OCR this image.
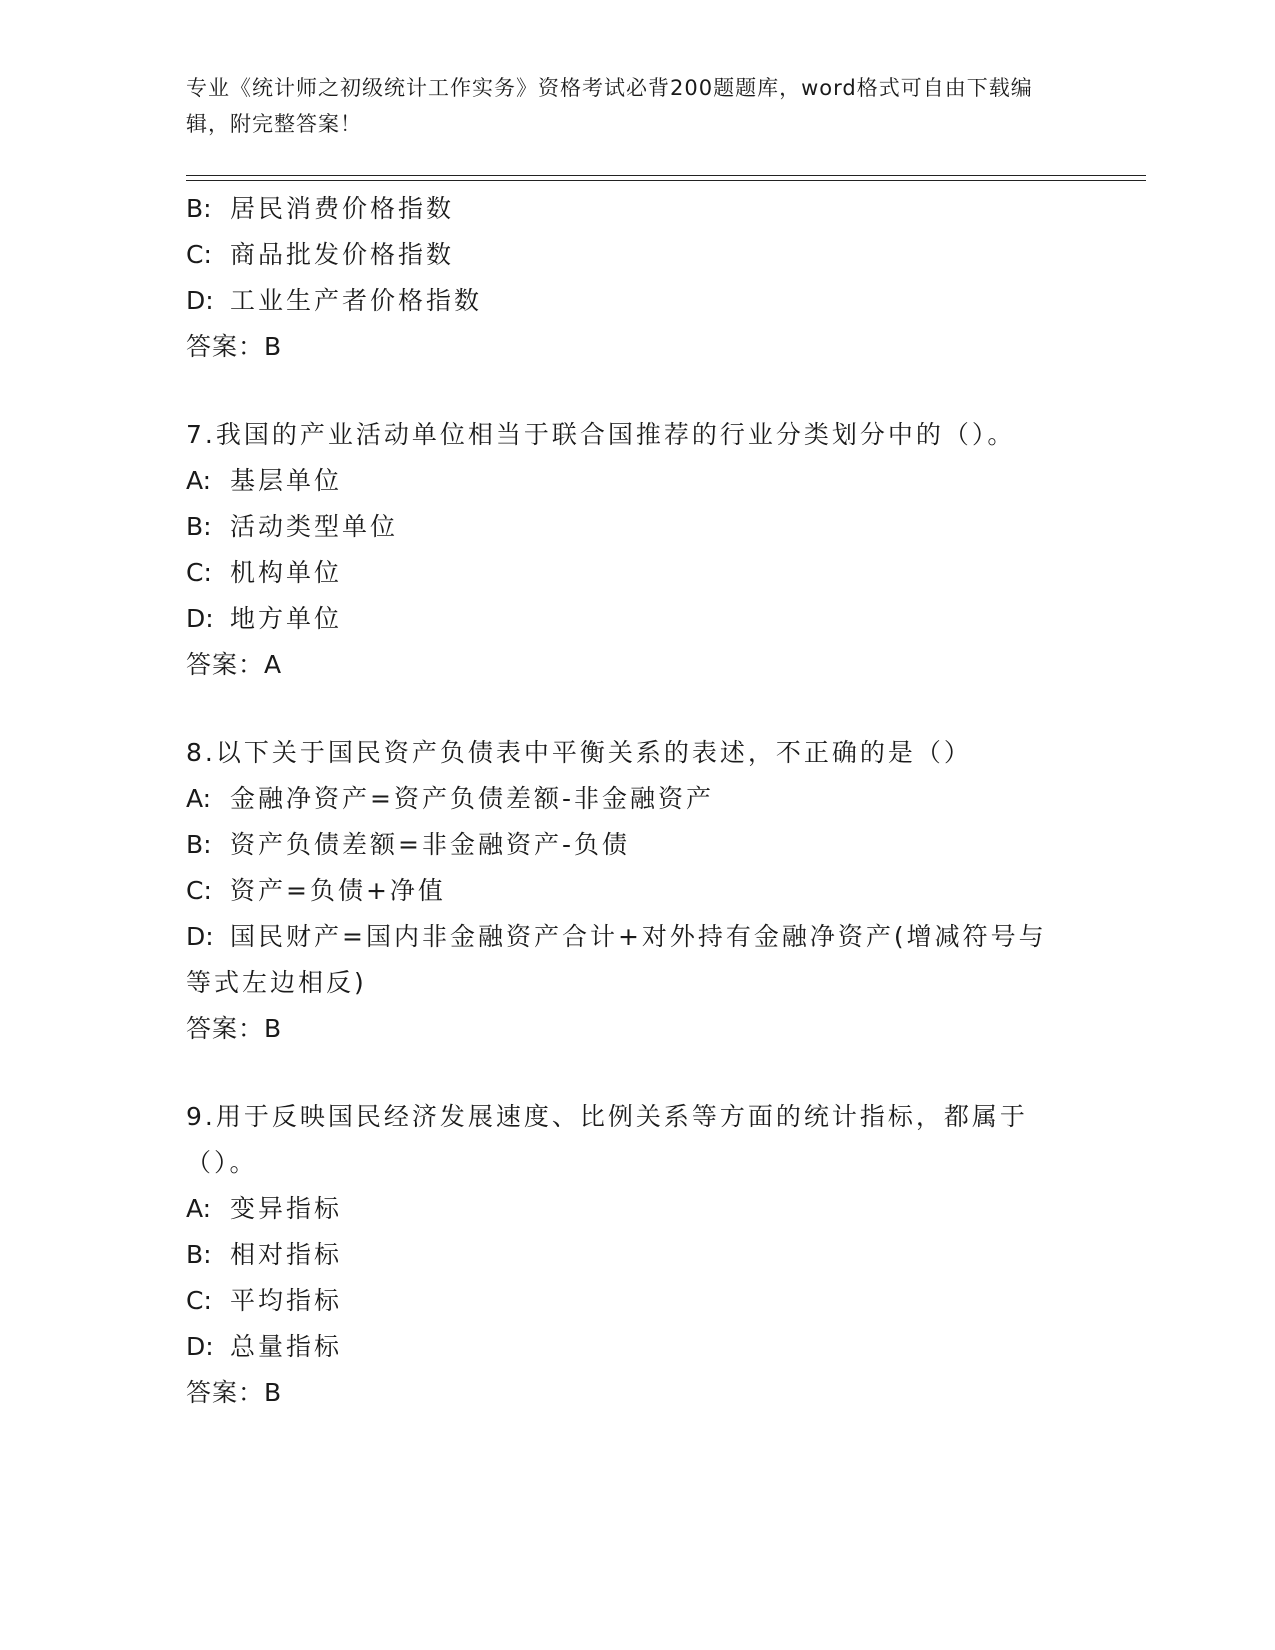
专业《统计师之初级统计工作实务》资格考试必背200题题库，word格式可自由下载编辑，附完整答案！
B: 居民消费价格指数
C: 商品批发价格指数
D: 工业生产者价格指数
答案：B
7.我国的产业活动单位相当于联合国推荐的行业分类划分中的（）。
A: 基层单位
B: 活动类型单位
C: 机构单位
D: 地方单位
答案：A
8.以下关于国民资产负债表中平衡关系的表述，不正确的是（）
A: 金融净资产=资产负债差额-非金融资产
B: 资产负债差额=非金融资产-负债
C: 资产=负债+净值
D: 国民财产=国内非金融资产合计+对外持有金融净资产(增减符号与等式左边相反)
答案：B
9.用于反映国民经济发展速度、比例关系等方面的统计指标，都属于（）。
A: 变异指标
B: 相对指标
C: 平均指标
D: 总量指标
答案：B
